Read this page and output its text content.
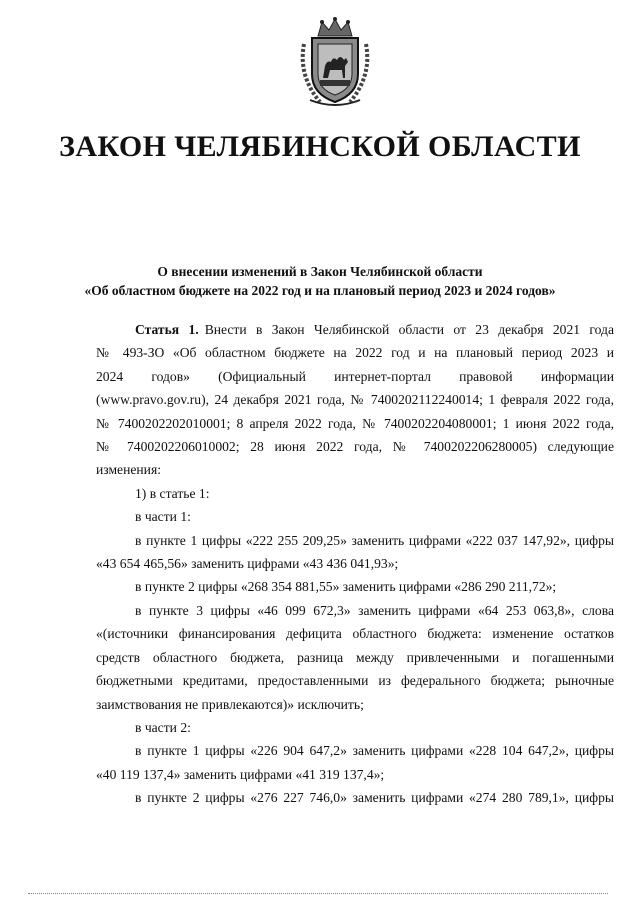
ЗАКОН ЧЕЛЯБИНСКОЙ ОБЛАСТИ
О внесении изменений в Закон Челябинской области
«Об областном бюджете на 2022 год и на плановый период 2023 и 2024 годов»

Статья 1. Внести в Закон Челябинской области от 23 декабря 2021 года

№ 493-ЗО «Об областном бюджете на 2022 год и на плановый период 2023 и

2024 годов» (Официальный интернет-портал правовой информации

(www.pravo.gov.ru), 24 декабря 2021 года, № 7400202112240014; 1 февраля 2022 года,

№ 7400202202010001; 8 апреля 2022 года, № 7400202204080001; 1 июня 2022 года,

№ 7400202206010002; 28 июня 2022 года, № 7400202206280005) следующие

изменения:

1) в статье 1:

в части 1:

в пункте 1 цифры «222 255 209,25» заменить цифрами «222 037 147,92», цифры

«43 654 465,56» заменить цифрами «43 436 041,93»;

в пункте 2 цифры «268 354 881,55» заменить цифрами «286 290 211,72»;

в пункте 3 цифры «46 099 672,3» заменить цифрами «64 253 063,8», слова

«(источники финансирования дефицита областного бюджета: изменение остатков

средств областного бюджета, разница между привлеченными и погашенными

бюджетными кредитами, предоставленными из федерального бюджета; рыночные

заимствования не привлекаются)» исключить;

в части 2:

в пункте 1 цифры «226 904 647,2» заменить цифрами «228 104 647,2», цифры

«40 119 137,4» заменить цифрами «41 319 137,4»;

в пункте 2 цифры «276 227 746,0» заменить цифрами «274 280 789,1», цифры
